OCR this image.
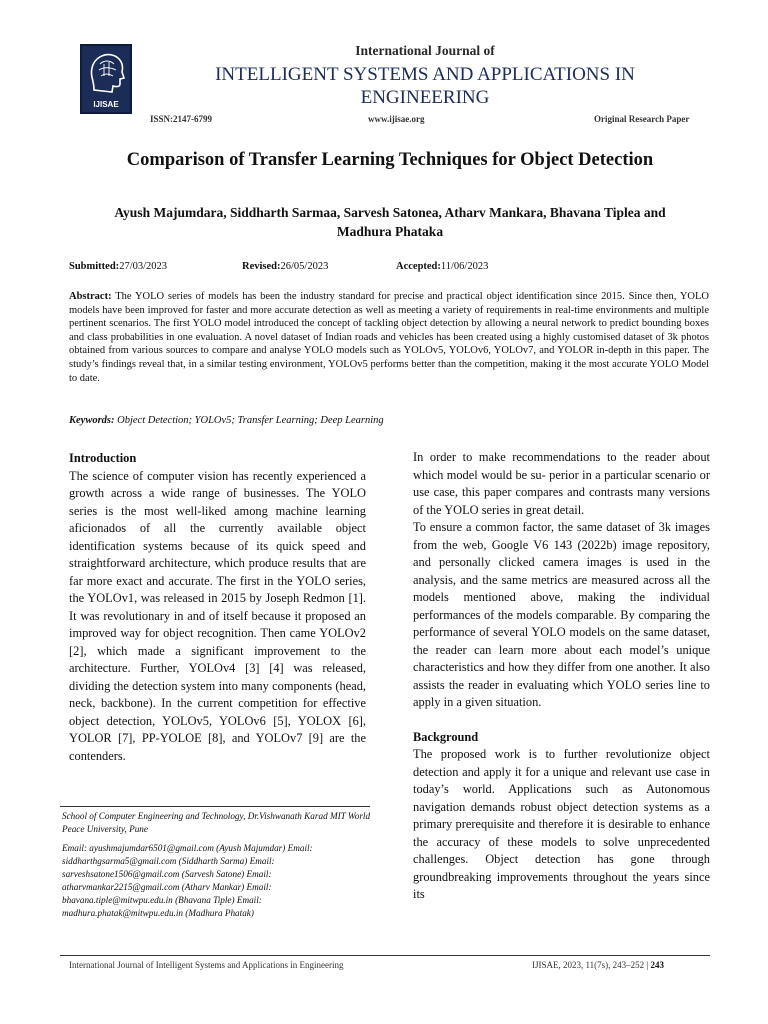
IJISAE
International Journal of
INTELLIGENT SYSTEMS AND APPLICATIONS IN
ENGINEERING
ISSN:2147-6799	www.ijisae.org	Original Research Paper
Comparison of Transfer Learning Techniques for Object Detection
Ayush Majumdara, Siddharth Sarmaa, Sarvesh Satonea, Atharv Mankara, Bhavana Tiplea and
Madhura Phataka
Submitted:27/03/2023	Revised:26/05/2023	Accepted:11/06/2023
Abstract: The YOLO series of models has been the industry standard for precise and practical object identification since 2015. Since then, YOLO models have been improved for faster and more accurate detection as well as meeting a variety of requirements in real-time environments and multiple pertinent scenarios. The first YOLO model introduced the concept of tackling object detection by allowing a neural network to predict bounding boxes and class probabilities in one evaluation. A novel dataset of Indian roads and vehicles has been created using a highly customised dataset of 3k photos obtained from various sources to compare and analyse YOLO models such as YOLOv5, YOLOv6, YOLOv7, and YOLOR in-depth in this paper. The study’s findings reveal that, in a similar testing environment, YOLOv5 performs better than the competition, making it the most accurate YOLO Model to date.
Keywords: Object Detection; YOLOv5; Transfer Learning; Deep Learning
Introduction

The science of computer vision has recently experienced a growth across a wide range of businesses. The YOLO series is the most well-liked among machine learning aficionados of all the currently available object identification systems because of its quick speed and straightforward architecture, which produce results that are far more exact and accurate. The first in the YOLO series, the YOLOv1, was released in 2015 by Joseph Redmon [1]. It was revolutionary in and of itself because it proposed an improved way for object recognition. Then came YOLOv2 [2], which made a significant improvement to the architecture. Further, YOLOv4 [3] [4] was released, dividing the detection system into many components (head, neck, backbone). In the current competition for effective object detection, YOLOv5, YOLOv6 [5], YOLOX [6], YOLOR [7], PP-YOLOE [8], and YOLOv7 [9] are the contenders.

In order to make recommendations to the reader about which model would be su- perior in a particular scenario or use case, this paper compares and contrasts many versions of the YOLO series in great detail.

To ensure a common factor, the same dataset of 3k images from the web, Google V6 143 (2022b) image repository, and personally clicked camera images is used in the analysis, and the same metrics are measured across all the models mentioned above, making the individual performances of the models comparable. By comparing the performance of several YOLO models on the same dataset, the reader can learn more about each model’s unique characteristics and how they differ from one another. It also assists the reader in evaluating which YOLO series line to apply in a given situation.

Background

The proposed work is to further revolutionize object detection and apply it for a unique and relevant use case in today’s world. Applications such as Autonomous navigation demands robust object detection systems as a primary prerequisite and therefore it is desirable to enhance the accuracy of these models to solve unprecedented challenges. Object detection has gone through groundbreaking improvements throughout the years since its

School of Computer Engineering and Technology, Dr.Vishwanath Karad MIT World Peace University, Pune
Email: ayushmajumdar6501@gmail.com (Ayush Majumdar) Email: siddharthgsarma5@gmail.com (Siddharth Sarma) Email: sarveshsatone1506@gmail.com (Sarvesh Satone) Email: atharvmankar2215@gmail.com (Atharv Mankar) Email: bhavana.tiple@mitwpu.edu.in (Bhavana Tiple) Email: madhura.phatak@mitwpu.edu.in (Madhura Phatak)
International Journal of Intelligent Systems and Applications in Engineering	IJISAE, 2023, 11(7s), 243–252 | 243
